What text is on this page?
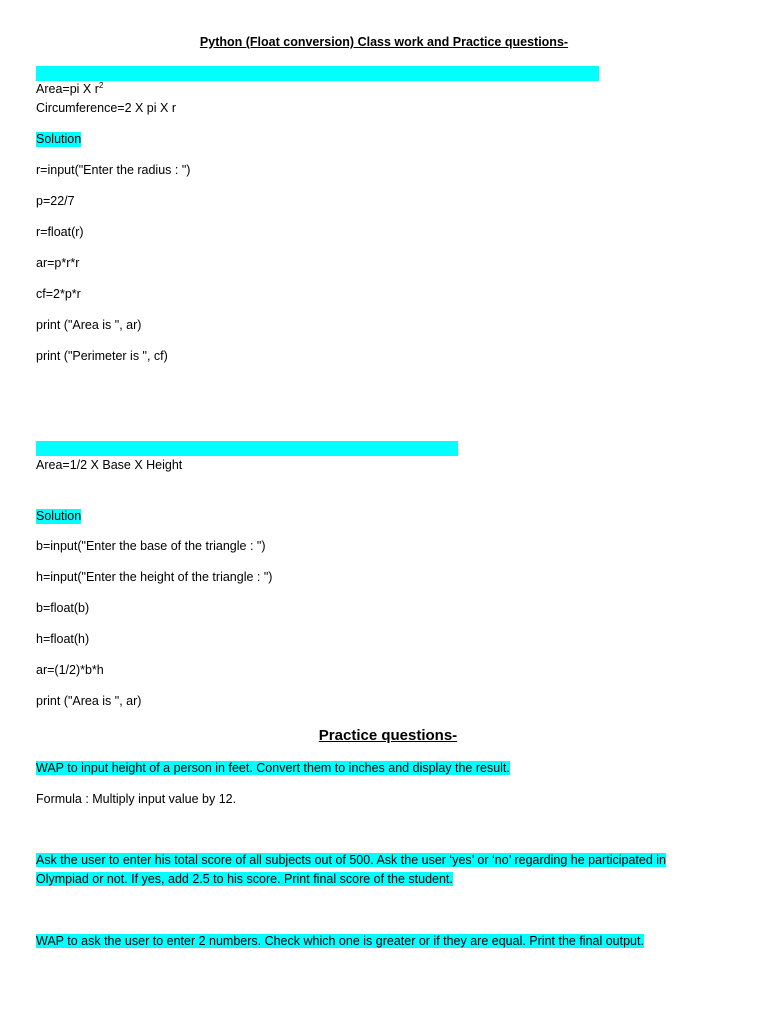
Python (Float conversion) Class work and Practice questions-
Area=pi X $r^2$
Circumference=2 X pi X r
Solution
r=input("Enter the radius : ")
p=22/7
r=float(r)
ar=p*r*r
cf=2*p*r
print ("Area is ", ar)
print ("Perimeter is ", cf)
Area=1/2 X Base X Height
Solution
b=input("Enter the base of the triangle : ")
h=input("Enter the height of the triangle : ")
b=float(b)
h=float(h)
ar=(1/2)*b*h
print ("Area is ", ar)
Practice questions-
WAP to input height of a person in feet. Convert them to inches and display the result.
Formula : Multiply input value by 12.
Ask the user to enter his total score of all subjects out of 500. Ask the user ‘yes’ or ‘no’ regarding he participated in
Olympiad or not. If yes, add 2.5 to his score. Print final score of the student.
WAP to ask the user to enter 2 numbers. Check which one is greater or if they are equal. Print the final output.
